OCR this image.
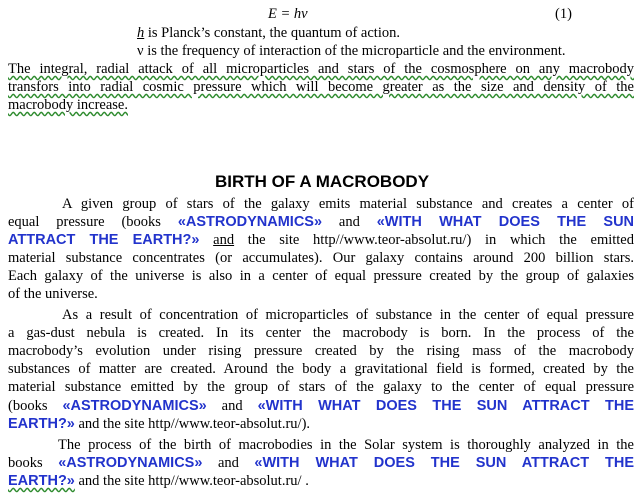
E = hν	(1)
h is Planck’s constant, the quantum of action.
ν is the frequency of interaction of the microparticle and the environment.
The integral, radial attack of all microparticles and stars of the cosmosphere on any macrobody
transfors into radial cosmic pressure which will become greater as the size and density of the
macrobody increase.
BIRTH OF A MACROBODY
A given group of stars of the galaxy emits material substance and creates a center of
equal pressure (books «ASTRODYNAMICS» and «WITH WHAT DOES THE SUN
ATTRACT THE EARTH?» and the site http//www.teor-absolut.ru/) in which the emitted
material substance concentrates (or accumulates). Our galaxy contains around 200 billion stars.
Each galaxy of the universe is also in a center of equal pressure created by the group of galaxies
of the universe.
As a result of concentration of microparticles of substance in the center of equal pressure
a gas-dust nebula is created. In its center the macrobody is born. In the process of the
macrobody’s evolution under rising pressure created by the rising mass of the macrobody
substances of matter are created. Around the body a gravitational field is formed, created by the
material substance emitted by the group of stars of the galaxy to the center of equal pressure
(books «ASTRODYNAMICS» and «WITH WHAT DOES THE SUN ATTRACT THE
EARTH?» and the site http//www.teor-absolut.ru/).
The process of the birth of macrobodies in the Solar system is thoroughly analyzed in the
books «ASTRODYNAMICS» and «WITH WHAT DOES THE SUN ATTRACT THE
EARTH?» and the site http//www.teor-absolut.ru/ .
